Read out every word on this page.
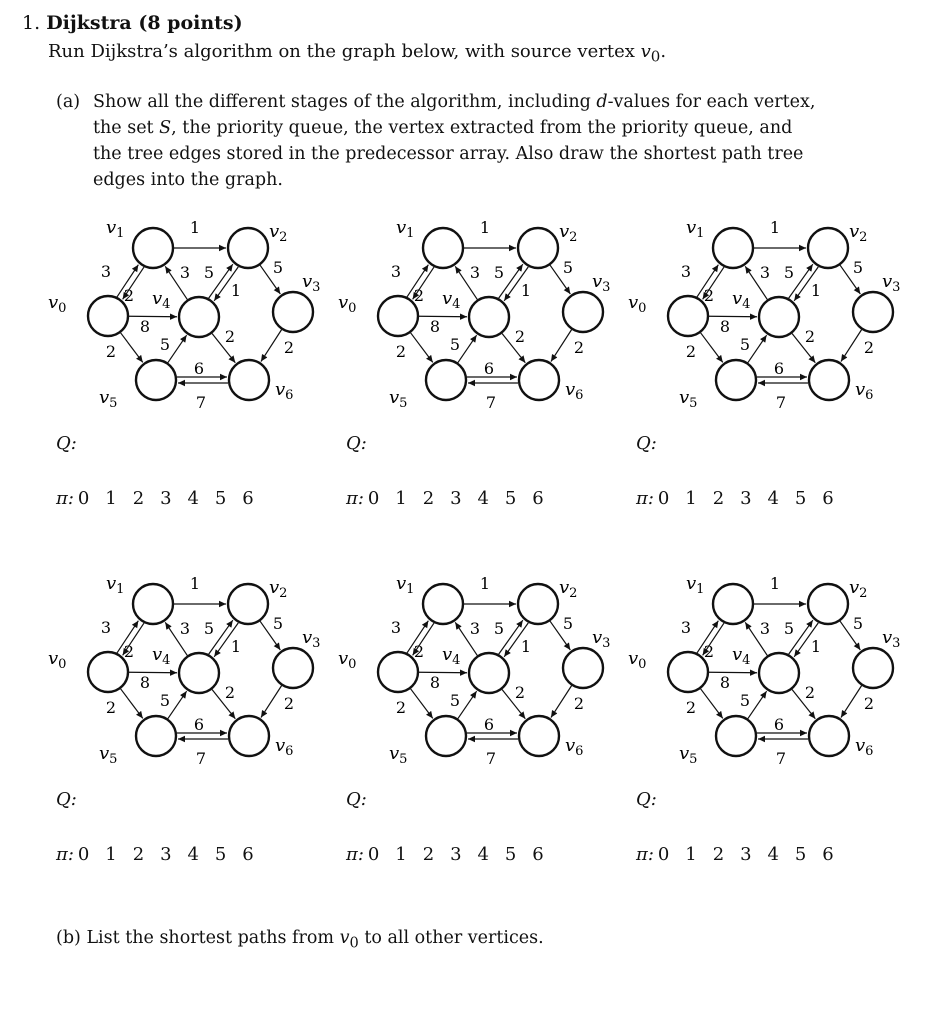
1. Dijkstra (8 points)
Run Dijkstra’s algorithm on the graph below, with source vertex $v_0$.
(a) Show all the different stages of the algorithm, including d-values for each vertex, the set S, the priority queue, the vertex extracted from the priority queue, and the tree edges stored in the predecessor array. Also draw the shortest path tree edges into the graph.
3
2
1
5
8
2
3 5
1
5	2
2
6
7
$v_0$
$v_1$	$v_2$
$v_3$
$v_4$
$v_5$
$v_6$
Q:
π: 0 1 2 3 4 5 6
3
2
1
5
8
2
3 5
1
5	2
2
6
7
$v_0$
$v_1$	$v_2$
$v_3$
$v_4$
$v_5$
$v_6$
Q:
π: 0 1 2 3 4 5 6
3
2
1
5
8
2
3 5
1
5	2
2
6
7
$v_0$
$v_1$	$v_2$
$v_3$
$v_4$
$v_5$
$v_6$
Q:
π: 0 1 2 3 4 5 6
3
2
1
5
8
2
3 5
1
5	2
2
6
7
$v_0$
$v_1$	$v_2$
$v_3$
$v_4$
$v_5$
$v_6$
Q:
π: 0 1 2 3 4 5 6
3
2
1
5
8
2
3 5
1
5	2
2
6
7
$v_0$
$v_1$	$v_2$
$v_3$
$v_4$
$v_5$
$v_6$
Q:
π: 0 1 2 3 4 5 6
3
2
1
5
8
2
3 5
1
5	2
2
6
7
$v_0$
$v_1$	$v_2$
$v_3$
$v_4$
$v_5$
$v_6$
Q:
π: 0 1 2 3 4 5 6
(b) List the shortest paths from $v_0$ to all other vertices.
